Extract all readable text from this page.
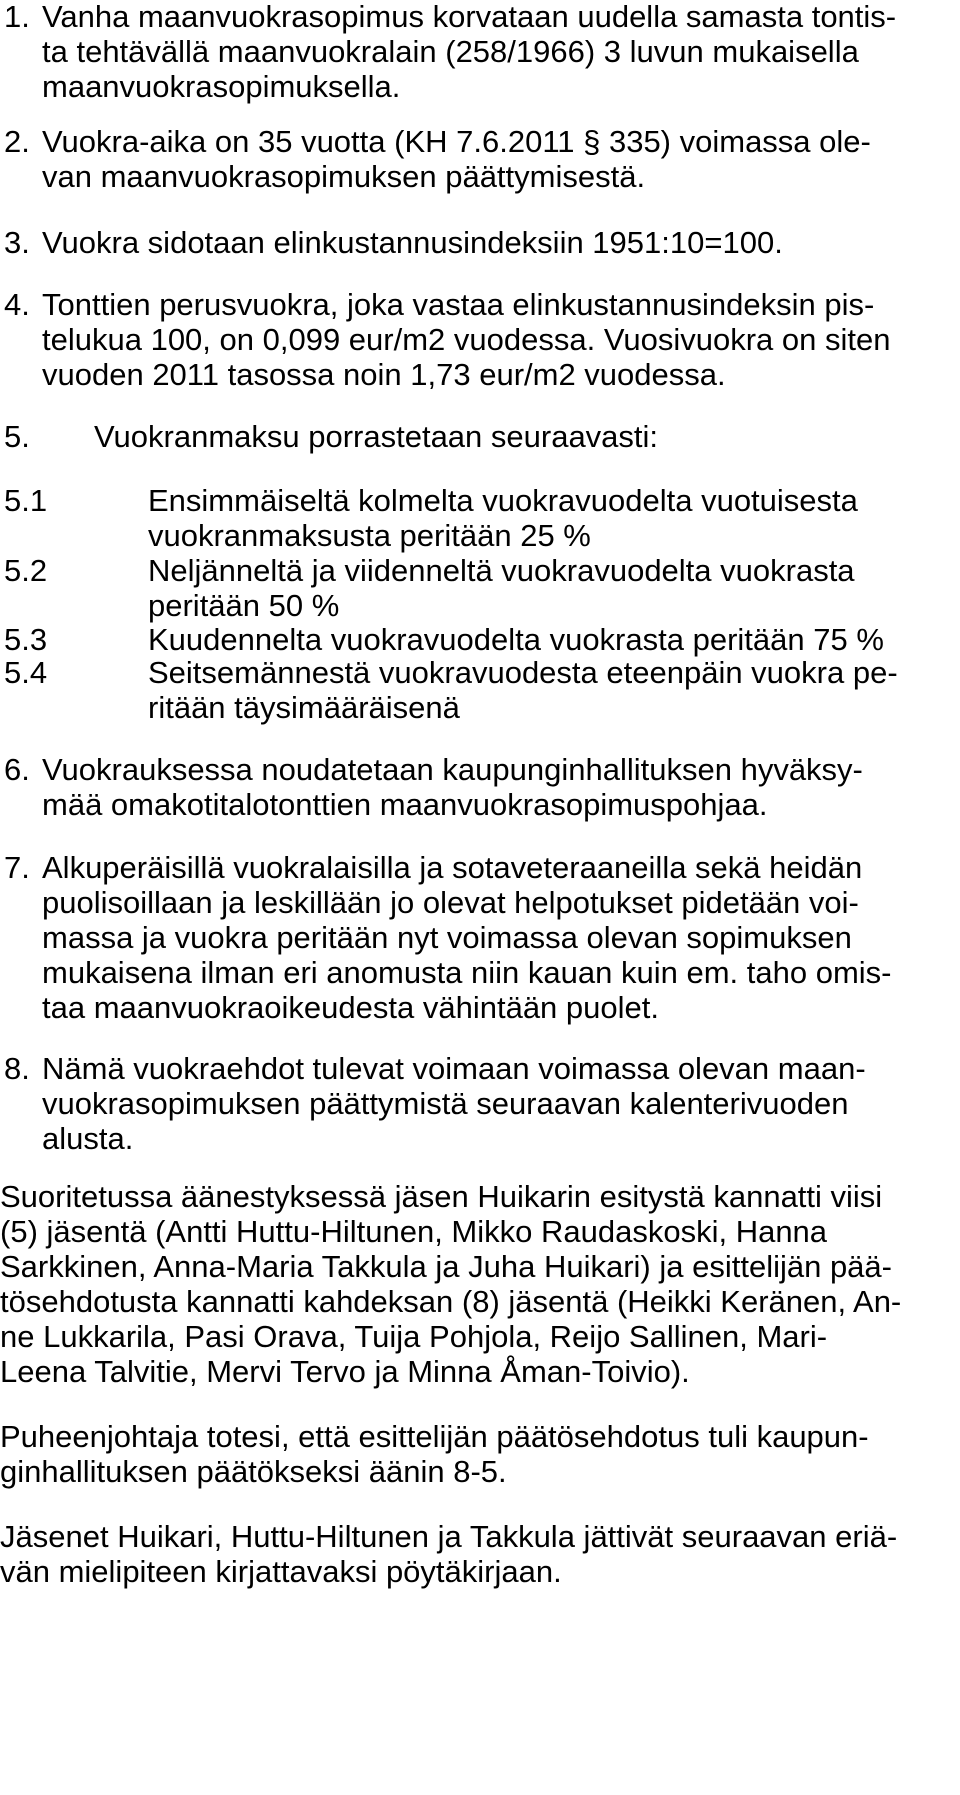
1. Vanha maanvuokrasopimus korvataan uudella samasta tontis-
ta tehtävällä maanvuokralain (258/1966) 3 luvun mukaisella
maanvuokrasopimuksella.
2. Vuokra-aika on 35 vuotta (KH 7.6.2011 § 335) voimassa ole-
van maanvuokrasopimuksen päättymisestä.
3. Vuokra sidotaan elinkustannusindeksiin 1951:10=100.
4. Tonttien perusvuokra, joka vastaa elinkustannusindeksin pis-
telukua 100, on 0,099 eur/m2 vuodessa. Vuosivuokra on siten
vuoden 2011 tasossa noin 1,73 eur/m2 vuodessa.
5. Vuokranmaksu porrastetaan seuraavasti:
5.1	Ensimmäiseltä kolmelta vuokravuodelta vuotuisesta
vuokranmaksusta peritään 25 %
5.2	Neljänneltä ja viidenneltä vuokravuodelta vuokrasta
peritään 50 %
5.3	Kuudennelta vuokravuodelta vuokrasta peritään 75 %
5.4	Seitsemännestä vuokravuodesta eteenpäin vuokra pe-
ritään täysimääräisenä
6. Vuokrauksessa noudatetaan kaupunginhallituksen hyväksy-
mää omakotitalotonttien maanvuokrasopimuspohjaa.
7. Alkuperäisillä vuokralaisilla ja sotaveteraaneilla sekä heidän
puolisoillaan ja leskillään jo olevat helpotukset pidetään voi-
massa ja vuokra peritään nyt voimassa olevan sopimuksen
mukaisena ilman eri anomusta niin kauan kuin em. taho omis-
taa maanvuokraoikeudesta vähintään puolet.
8. Nämä vuokraehdot tulevat voimaan voimassa olevan maan-
vuokrasopimuksen päättymistä seuraavan kalenterivuoden
alusta.
Suoritetussa äänestyksessä jäsen Huikarin esitystä kannatti viisi
(5) jäsentä (Antti Huttu-Hiltunen, Mikko Raudaskoski, Hanna
Sarkkinen, Anna-Maria Takkula ja Juha Huikari) ja esittelijän pää-
tösehdotusta kannatti kahdeksan (8) jäsentä (Heikki Keränen, An-
ne Lukkarila, Pasi Orava, Tuija Pohjola, Reijo Sallinen, Mari-
Leena Talvitie, Mervi Tervo ja Minna Åman-Toivio).
Puheenjohtaja totesi, että esittelijän päätösehdotus tuli kaupun-
ginhallituksen päätökseksi äänin 8-5.
Jäsenet Huikari, Huttu-Hiltunen ja Takkula jättivät seuraavan eriä-
vän mielipiteen kirjattavaksi pöytäkirjaan.
